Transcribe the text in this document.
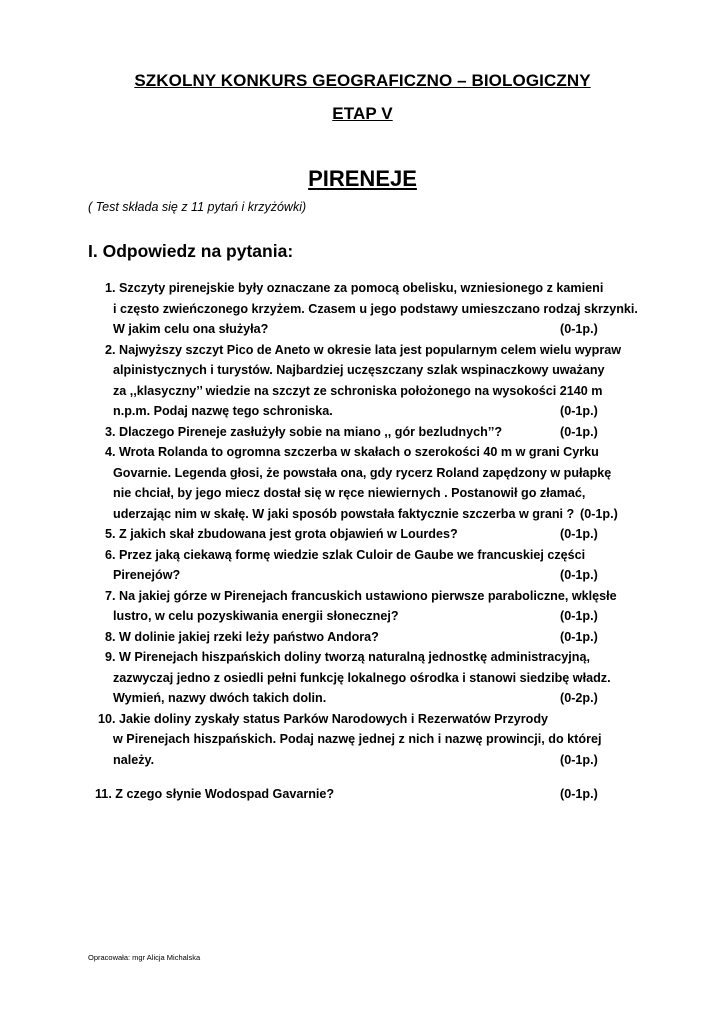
SZKOLNY KONKURS GEOGRAFICZNO – BIOLOGICZNY
ETAP V
PIRENEJE
( Test składa się z 11 pytań i krzyżówki)
I. Odpowiedz na pytania:
1. Szczyty pirenejskie były oznaczane za pomocą obelisku, wzniesionego z kamieni
i często zwieńczonego krzyżem. Czasem u jego podstawy umieszczano rodzaj skrzynki.
W jakim celu ona służyła?	(0-1p.)
2. Najwyższy szczyt Pico de Aneto w okresie lata jest popularnym celem wielu wypraw
alpinistycznych i turystów. Najbardziej uczęszczany szlak wspinaczkowy uważany
za ,,klasyczny’’ wiedzie na szczyt ze schroniska położonego na wysokości 2140 m
n.p.m. Podaj nazwę tego schroniska.	(0-1p.)
3. Dlaczego Pireneje zasłużyły sobie na miano ,, gór bezludnych’’?	(0-1p.)
4. Wrota Rolanda to ogromna szczerba w skałach o szerokości 40 m w grani Cyrku
Govarnie. Legenda głosi, że powstała ona, gdy rycerz Roland zapędzony w pułapkę
nie chciał, by jego miecz dostał się w ręce niewiernych . Postanowił go złamać,
uderzając nim w skałę. W jaki sposób powstała faktycznie szczerba w grani ? (0-1p.)
5. Z jakich skał zbudowana jest grota objawień w Lourdes?	(0-1p.)
6. Przez jaką ciekawą formę wiedzie szlak Culoir de Gaube we francuskiej części
Pirenejów?	(0-1p.)
7. Na jakiej górze w Pirenejach francuskich ustawiono pierwsze paraboliczne, wklęsłe
lustro, w celu pozyskiwania energii słonecznej?	(0-1p.)
8. W dolinie jakiej rzeki leży państwo Andora?	(0-1p.)
9. W Pirenejach hiszpańskich doliny tworzą naturalną jednostkę administracyjną,
zazwyczaj jedno z osiedli pełni funkcję lokalnego ośrodka i stanowi siedzibę władz.
Wymień, nazwy dwóch takich dolin.	(0-2p.)
10. Jakie doliny zyskały status Parków Narodowych i Rezerwatów Przyrody
w Pirenejach hiszpańskich. Podaj nazwę jednej z nich i nazwę prowincji, do której
należy.	(0-1p.)
11. Z czego słynie Wodospad Gavarnie?	(0-1p.)
Opracowała: mgr Alicja Michalska
